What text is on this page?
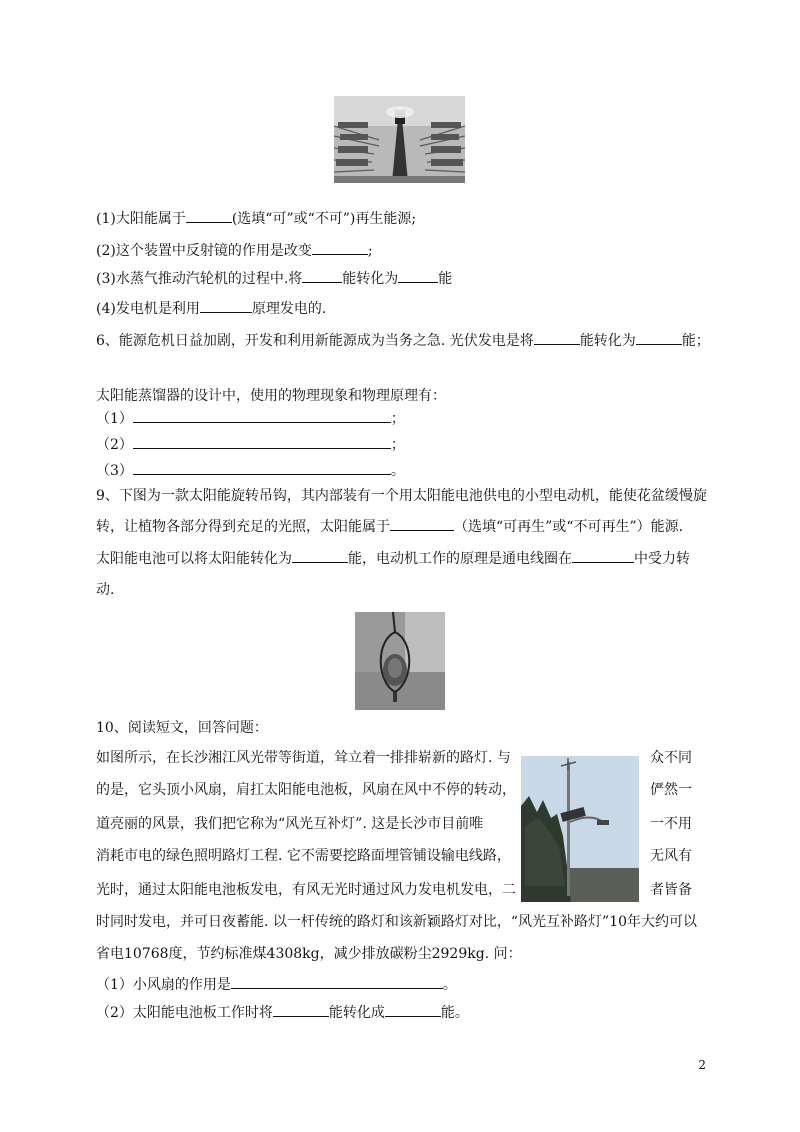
(1)大阳能属于	(选填“可”或“不可”)再生能源;
(2)这个装置中反射镜的作用是改变	;
(3)水蒸气推动汽轮机的过程中.将	能转化为	能
(4)发电机是利用	原理发电的.
6、能源危机日益加剧，开发和利用新能源成为当务之急. 光伏发电是将	能转化为	能；
太阳能蒸馏器的设计中，使用的物理现象和物理原理有：
（1）	；
（2）	；
（3）	。
9、下图为一款太阳能旋转吊钩，其内部装有一个用太阳能电池供电的小型电动机，能使花盆缓慢旋
转，让植物各部分得到充足的光照，太阳能属于	（选填“可再生”或“不可再生”）能源.
太阳能电池可以将太阳能转化为	能，电动机工作的原理是通电线圈在	中受力转
动.
10、阅读短文，回答问题：
如图所示，在长沙湘江风光带等街道，耸立着一排排崭新的路灯. 与	众不同
的是，它头顶小风扇，肩扛太阳能电池板，风扇在风中不停的转动，	俨然一
道亮丽的风景，我们把它称为“风光互补灯”. 这是长沙市目前唯	一不用
消耗市电的绿色照明路灯工程. 它不需要挖路面埋管铺设输电线路，	无风有
光时，通过太阳能电池板发电，有风无光时通过风力发电机发电，二	者皆备
时同时发电，并可日夜蓄能. 以一杆传统的路灯和该新颖路灯对比，“风光互补路灯”10年大约可以
省电10768度，节约标准煤4308kg，减少排放碳粉尘2929kg. 问：
（1）小风扇的作用是	。
（2）太阳能电池板工作时将	能转化成	能。
2
